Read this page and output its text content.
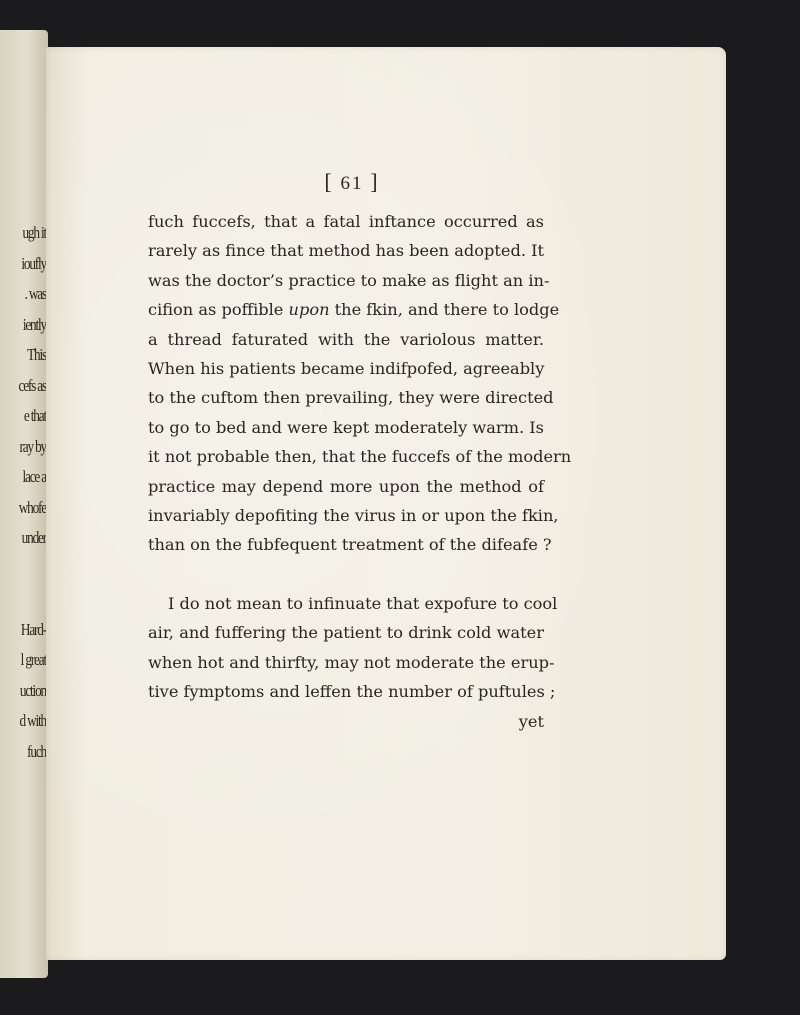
ugh it
ioufly
. was
iently
This
cefs as
e that
ray by
lace a
whofe
under
Hard-
l great
uction
d with
fuch
[ 61 ]
fuch fuccefs, that a fatal inftance occurred as
rarely as fince that method has been adopted. It
was the doctor’s practice to make as flight an in-
cifion as poffible upon the fkin, and there to lodge
a thread faturated with the variolous matter.
When his patients became indifpofed, agreeably
to the cuftom then prevailing, they were directed
to go to bed and were kept moderately warm. Is
it not probable then, that the fuccefs of the modern
practice may depend more upon the method of
invariably depofiting the virus in or upon the fkin,
than on the fubfequent treatment of the difeafe ?
I do not mean to infinuate that expofure to cool
air, and fuffering the patient to drink cold water
when hot and thirfty, may not moderate the erup-
tive fymptoms and leffen the number of puftules ;
yet
